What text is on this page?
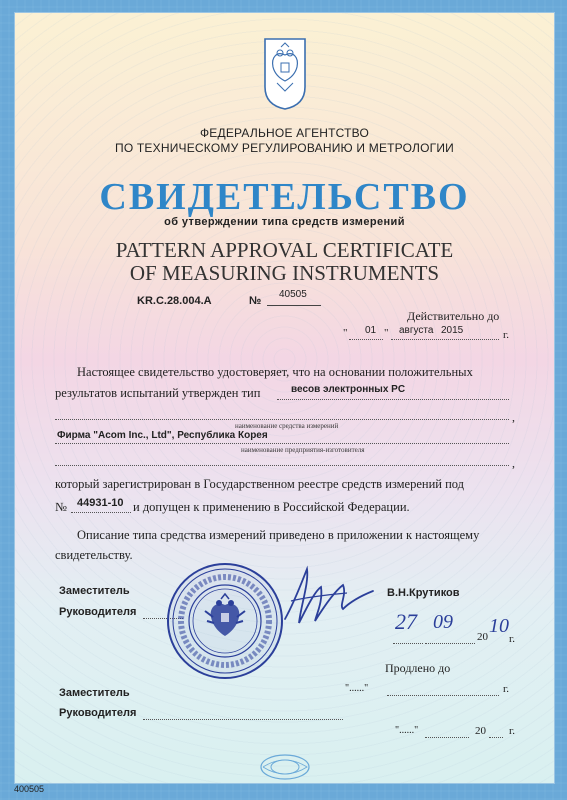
ФЕДЕРАЛЬНОЕ АГЕНТСТВО
ПО ТЕХНИЧЕСКОМУ РЕГУЛИРОВАНИЮ И МЕТРОЛОГИИ
СВИДЕТЕЛЬСТВО
об утверждении типа средств измерений
PATTERN APPROVAL CERTIFICATE
OF MEASURING INSTRUMENTS
KR.C.28.004.A	№
40505
Действительно до
" 01 " августа 2015	г.
Настоящее свидетельство удостоверяет, что на основании положительных
результатов испытаний утвержден тип	весов электронных PC
,
наименование средства измерений
Фирма "Acom Inc., Ltd", Республика Корея
наименование предприятия-изготовителя
,
который зарегистрирован в Государственном реестре средств измерений под
№ 44931-10 и допущен к применению в Российской Федерации.
Описание типа средства измерений приведено в приложении к настоящему
свидетельству.
Заместитель
Руководителя
В.Н.Крутиков
27 09
20 10
г.
Продлено до
"......"	г.
Заместитель
Руководителя
"......"	20 г.
400505
